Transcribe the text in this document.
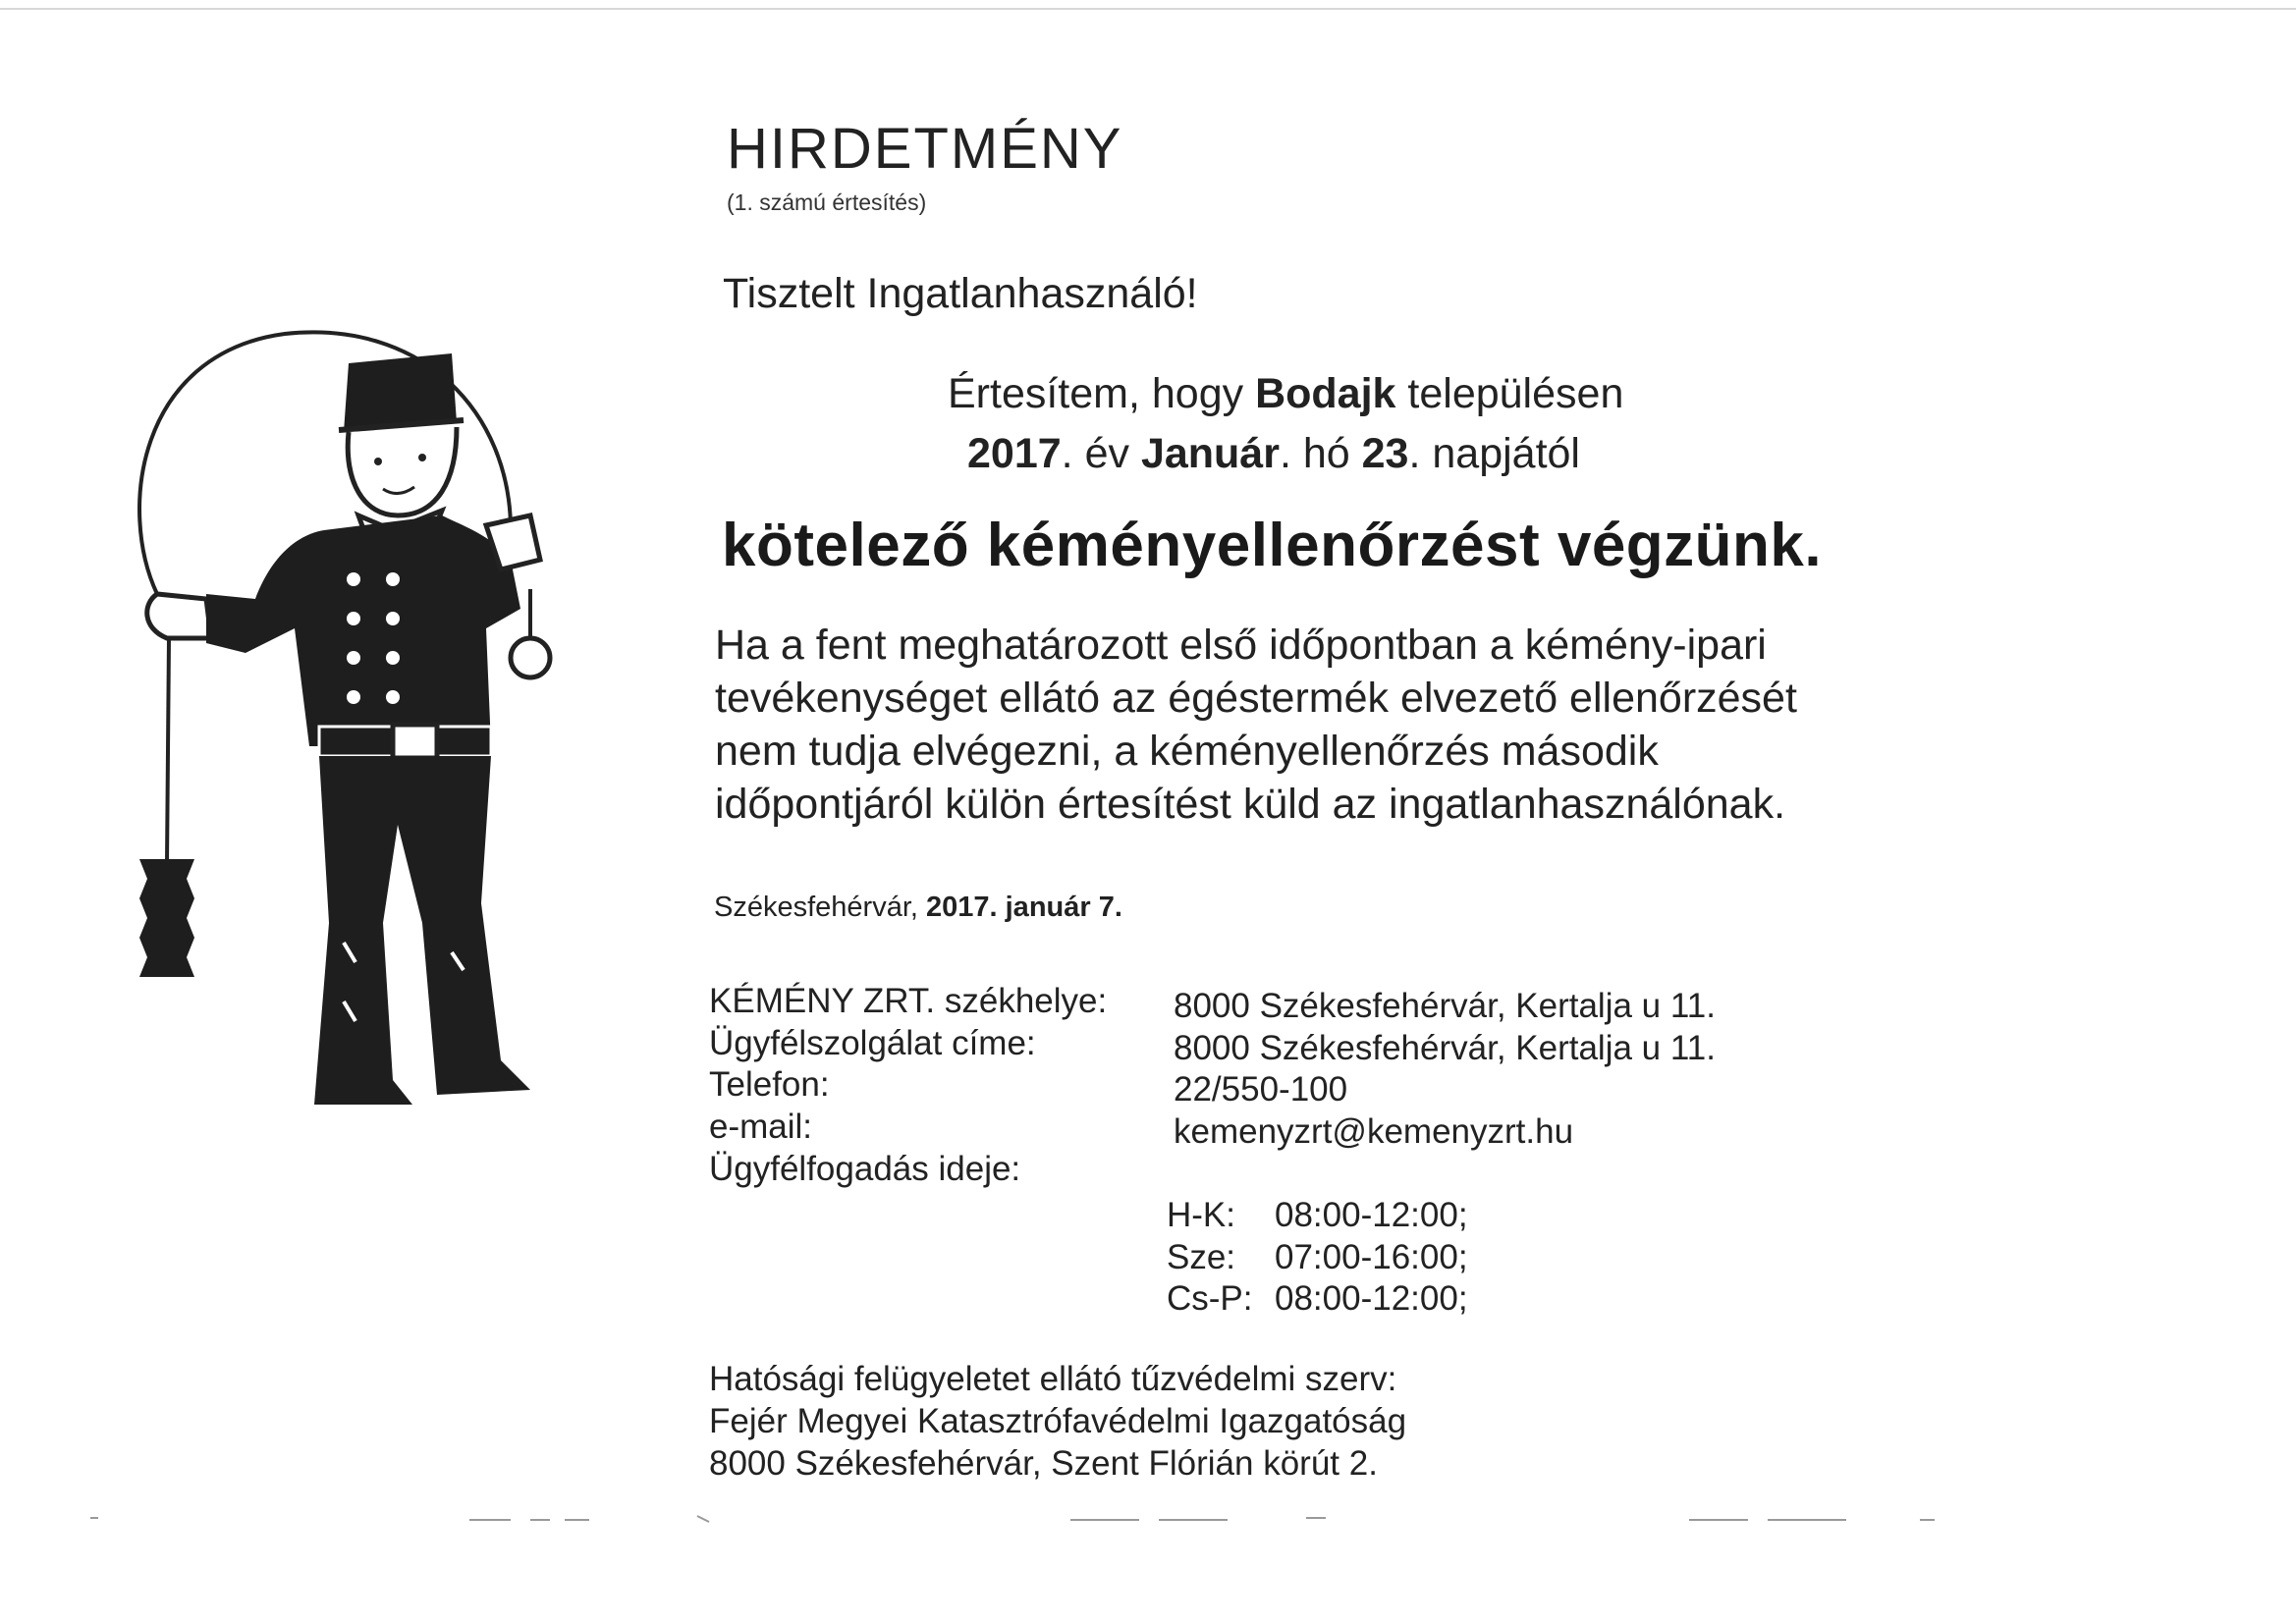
HIRDETMÉNY
(1. számú értesítés)
Tisztelt Ingatlanhasználó!
Értesítem, hogy Bodajk településen
2017. év Január. hó 23. napjától
kötelező kéményellenőrzést végzünk.
Ha a fent meghatározott első időpontban a kémény-ipari
tevékenységet ellátó az égéstermék elvezető ellenőrzését
nem tudja elvégezni, a kéményellenőrzés második
időpontjáról külön értesítést küld az ingatlanhasználónak.
Székesfehérvár, 2017. január 7.
KÉMÉNY ZRT. székhelye: 8000 Székesfehérvár, Kertalja u 11.
Ügyfélszolgálat címe:	8000 Székesfehérvár, Kertalja u 11.
Telefon:	22/550-100
e-mail:	kemenyzrt@kemenyzrt.hu
Ügyfélfogadás ideje:
H-K: 08:00-12:00;
Sze: 07:00-16:00;
Cs-P: 08:00-12:00;
Hatósági felügyeletet ellátó tűzvédelmi szerv:
Fejér Megyei Katasztrófavédelmi Igazgatóság
8000 Székesfehérvár, Szent Flórián körút 2.
